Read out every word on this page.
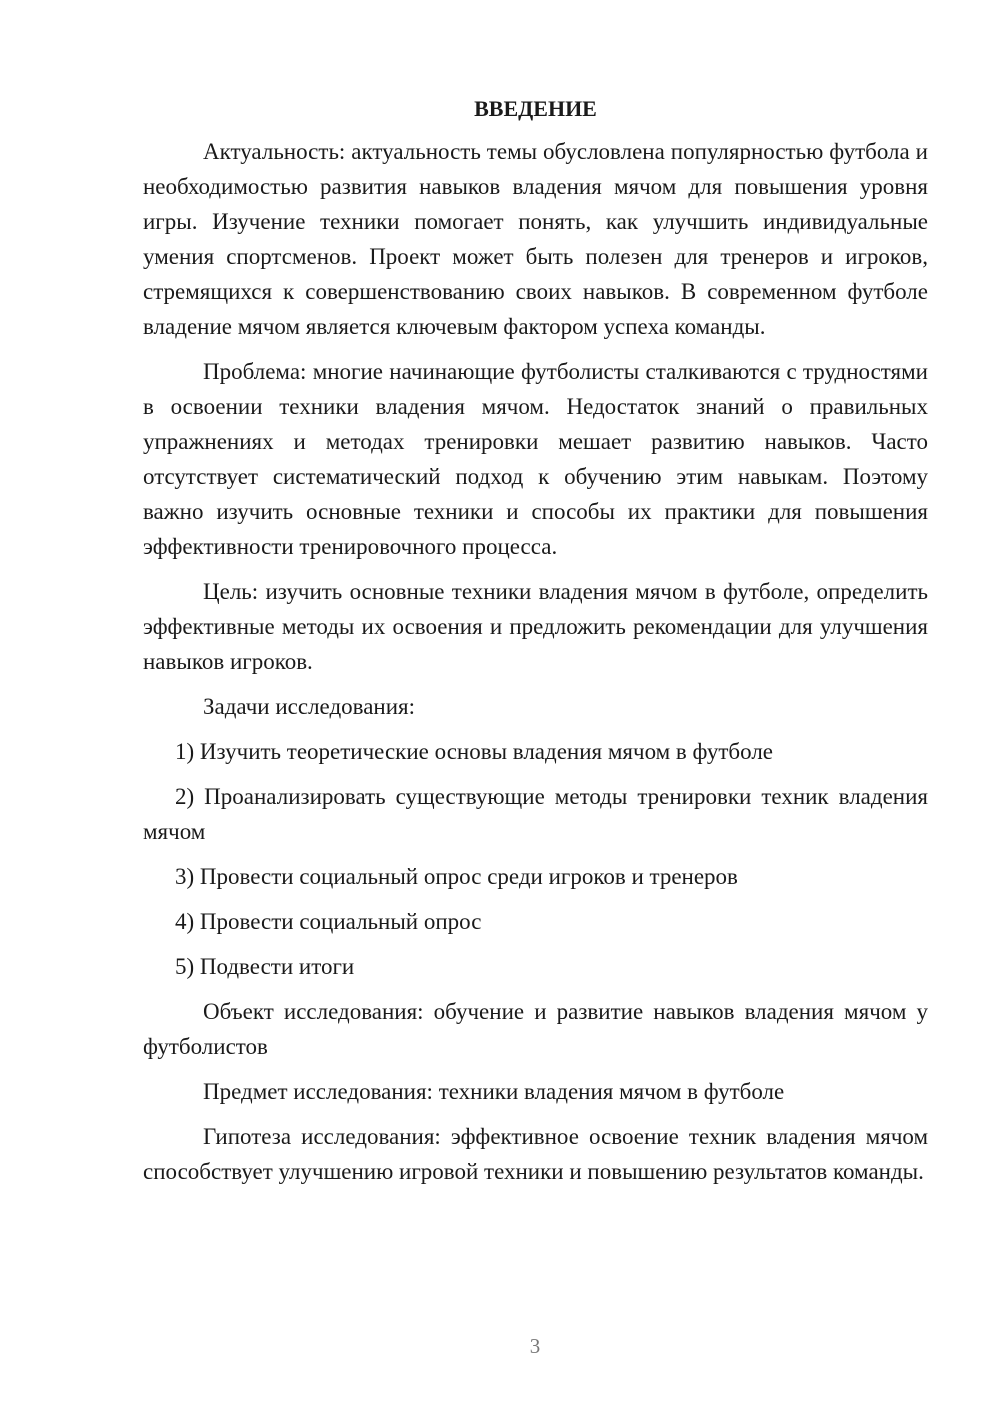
ВВЕДЕНИЕ

Актуальность: актуальность темы обусловлена популярностью футбола и необходимостью развития навыков владения мячом для повышения уровня игры. Изучение техники помогает понять, как улучшить индивидуальные умения спортсменов. Проект может быть полезен для тренеров и игроков, стремящихся к совершенствованию своих навыков. В современном футболе владение мячом является ключевым фактором успеха команды.

Проблема: многие начинающие футболисты сталкиваются с трудностями в освоении техники владения мячом. Недостаток знаний о правильных упражнениях и методах тренировки мешает развитию навыков. Часто отсутствует систематический подход к обучению этим навыкам. Поэтому важно изучить основные техники и способы их практики для повышения эффективности тренировочного процесса.

Цель: изучить основные техники владения мячом в футболе, определить эффективные методы их освоения и предложить рекомендации для улучшения навыков игроков.

Задачи исследования:

1) Изучить теоретические основы владения мячом в футболе

2) Проанализировать существующие методы тренировки техник владения мячом

3) Провести социальный опрос среди игроков и тренеров

4) Провести социальный опрос

5) Подвести итоги

Объект исследования: обучение и развитие навыков владения мячом у футболистов

Предмет исследования: техники владения мячом в футболе

Гипотеза исследования: эффективное освоение техник владения мячом способствует улучшению игровой техники и повышению результатов команды.

3
